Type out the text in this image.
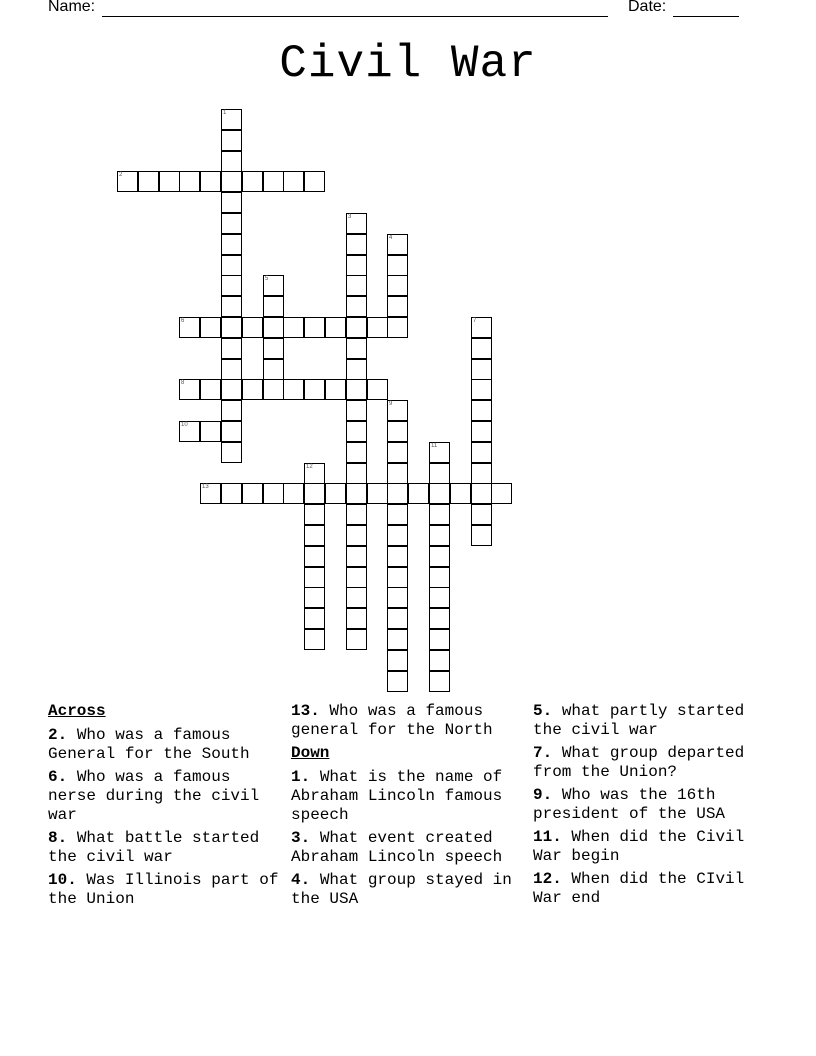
Name:	Date:
Civil War
1
2
3
4
5
6	7
8
9
10
11
12
13
Across
2. Who was a famous General for the South
6. Who was a famous nerse during the civil war
8. What battle started the civil war
10. Was Illinois part of the Union
13. Who was a famous general for the North
Down
1. What is the name of Abraham Lincoln famous speech
3. What event created Abraham Lincoln speech
4. What group stayed in the USA
5. what partly started the civil war
7. What group departed from the Union?
9. Who was the 16th president of the USA
11. When did the Civil War begin
12. When did the CIvil War end
